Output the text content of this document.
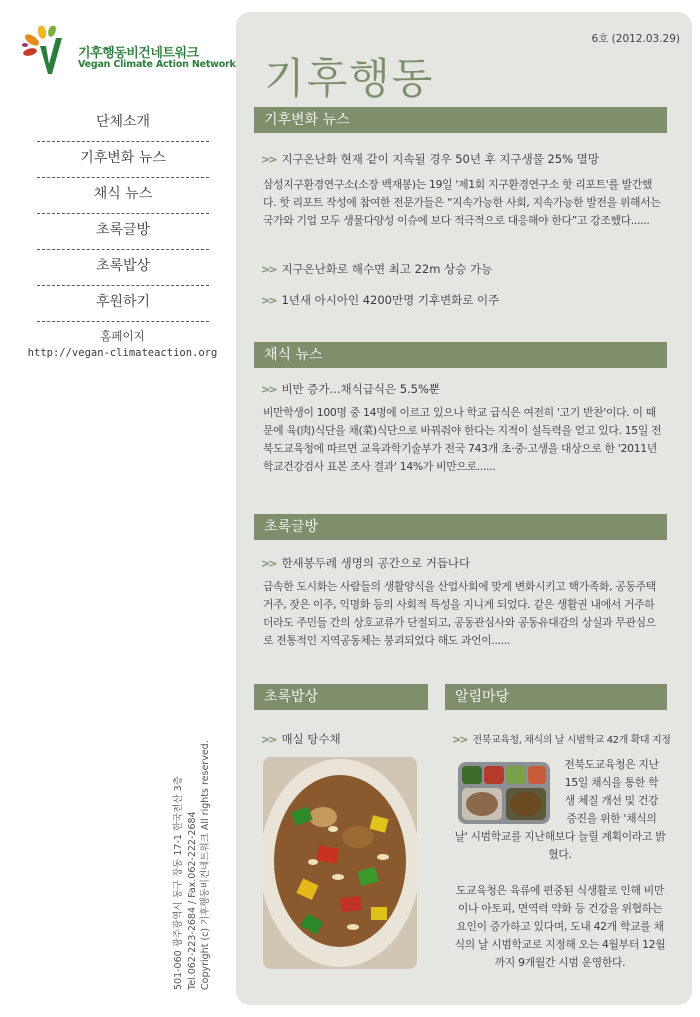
기후행동비건네트워크
Vegan Climate Action Network
단체소개
기후변화 뉴스
채식 뉴스
초록글방
초록밥상
후원하기
홈페이지
http://vegan-climateaction.org
501-060 광주광역시 동구 장동 17-1 한국전산 3층 Tel.062-223-2684 / Fax.062-222-2684 Copyright (c) 기후행동비건네트워크 All rights reserved.
6호 (2012.03.29)
기후행동
기후변화 뉴스
>> 지구온난화 현재 같이 지속될 경우 50년 후 지구생물 25% 멸망
삼성지구환경연구소(소장 백재봉)는 19일 '제1회 지구환경연구소 핫 리포트'를 발간했다. 핫 리포트 작성에 참여한 전문가들은 “지속가능한 사회, 지속가능한 발전을 위해서는 국가와 기업 모두 생물다양성 이슈에 보다 적극적으로 대응해야 한다”고 강조했다......
>> 지구온난화로 해수면 최고 22m 상승 가능
>> 1년새 아시아인 4200만명 기후변화로 이주
채식 뉴스
>> 비만 증가...채식급식은 5.5%뿐
비만학생이 100명 중 14명에 이르고 있으나 학교 급식은 여전히 '고기 반찬'이다. 이 때문에 육(肉)식단을 채(菜)식단으로 바꿔줘야 한다는 지적이 설득력을 얻고 있다. 15일 전북도교육청에 따르면 교육과학기술부가 전국 743개 초·중·고생을 대상으로 한 '2011년 학교건강검사 표본 조사 결과' 14%가 비만으로......
초록글방
>> 한새봉두레 생명의 공간으로 거듭나다
급속한 도시화는 사람들의 생활양식을 산업사회에 맞게 변화시키고 핵가족화, 공동주택거주, 잦은 이주, 익명화 등의 사회적 특성을 지니게 되었다. 같은 생활권 내에서 거주하더라도 주민들 간의 상호교류가 단절되고, 공동관심사와 공동유대감의 상실과 무관심으로 전통적인 지역공동체는 붕괴되었다 해도 과언이......
초록밥상
>> 매실 탕수채
알림마당
>> 전북교육청, 채식의 날 시범학교 42개 확대 지정
전북도교육청은 지난
15일 채식을 통한 학
생 체질 개선 및 건강
증진을 위한 '채식의
날' 시범학교를 지난해보다 늘릴 계획이라고 밝혔다.
도교육청은 육류에 편중된 식생활로 인해 비만이나 아토피, 면역력 약화 등 건강을 위협하는 요인이 증가하고 있다며, 도내 42개 학교를 채식의 날 시범학교로 지정해 오는 4월부터 12월까지 9개월간 시범 운영한다.
